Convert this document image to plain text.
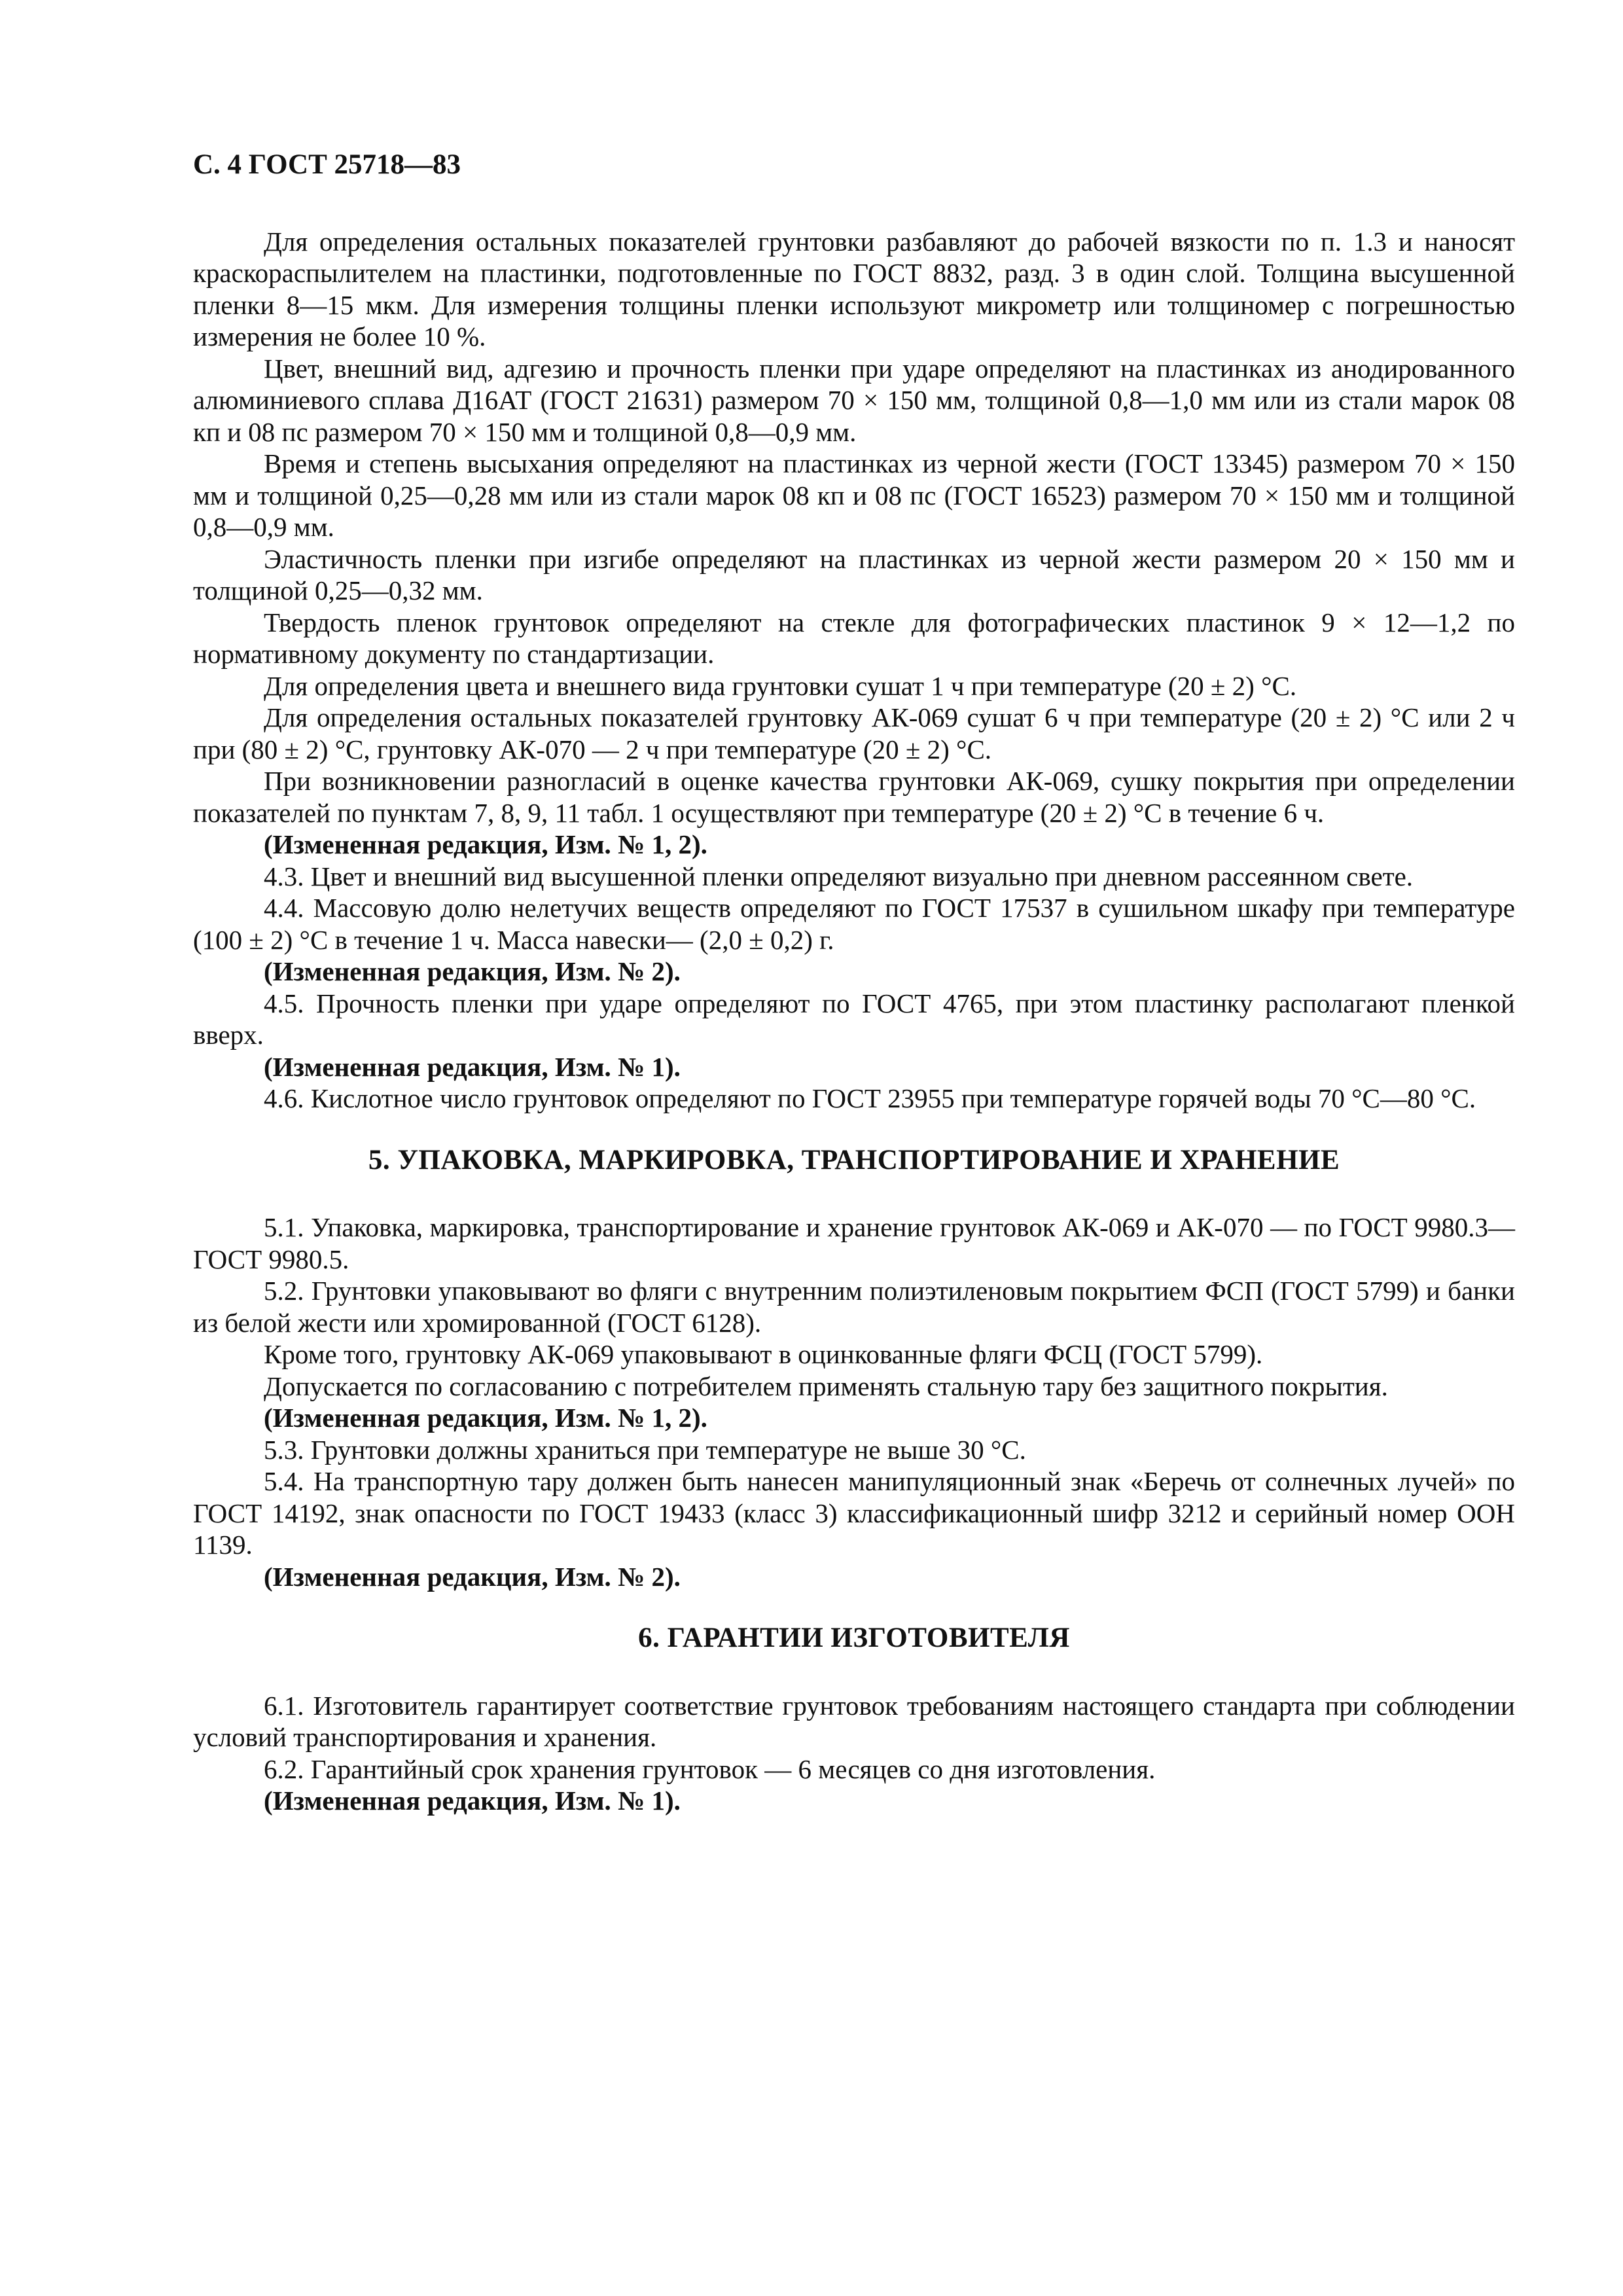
С. 4 ГОСТ 25718—83

Для определения остальных показателей грунтовки разбавляют до рабочей вязкости по п. 1.3 и наносят краскораспылителем на пластинки, подготовленные по ГОСТ 8832, разд. 3 в один слой. Толщина высушенной пленки 8—15 мкм. Для измерения толщины пленки используют микрометр или толщиномер с погрешностью измерения не более 10 %.

Цвет, внешний вид, адгезию и прочность пленки при ударе определяют на пластинках из анодированного алюминиевого сплава Д16АТ (ГОСТ 21631) размером 70 × 150 мм, толщиной 0,8—1,0 мм или из стали марок 08 кп и 08 пс размером 70 × 150 мм и толщиной 0,8—0,9 мм.

Время и степень высыхания определяют на пластинках из черной жести (ГОСТ 13345) размером 70 × 150 мм и толщиной 0,25—0,28 мм или из стали марок 08 кп и 08 пс (ГОСТ 16523) размером 70 × 150 мм и толщиной 0,8—0,9 мм.

Эластичность пленки при изгибе определяют на пластинках из черной жести размером 20 × 150 мм и толщиной 0,25—0,32 мм.

Твердость пленок грунтовок определяют на стекле для фотографических пластинок 9 × 12—1,2 по нормативному документу по стандартизации.

Для определения цвета и внешнего вида грунтовки сушат 1 ч при температуре (20 ± 2) °С.

Для определения остальных показателей грунтовку АК-069 сушат 6 ч при температуре (20 ± 2) °С или 2 ч при (80 ± 2) °С, грунтовку АК-070 — 2 ч при температуре (20 ± 2) °С.

При возникновении разногласий в оценке качества грунтовки АК-069, сушку покрытия при определении показателей по пунктам 7, 8, 9, 11 табл. 1 осуществляют при температуре (20 ± 2) °С в течение 6 ч.

(Измененная редакция, Изм. № 1, 2).

4.3. Цвет и внешний вид высушенной пленки определяют визуально при дневном рассеянном свете.

4.4. Массовую долю нелетучих веществ определяют по ГОСТ 17537 в сушильном шкафу при температуре (100 ± 2) °С в течение 1 ч. Масса навески— (2,0 ± 0,2) г.

(Измененная редакция, Изм. № 2).

4.5. Прочность пленки при ударе определяют по ГОСТ 4765, при этом пластинку располагают пленкой вверх.

(Измененная редакция, Изм. № 1).

4.6. Кислотное число грунтовок определяют по ГОСТ 23955 при температуре горячей воды 70 °С—80 °С.

5. УПАКОВКА, МАРКИРОВКА, ТРАНСПОРТИРОВАНИЕ И ХРАНЕНИЕ

5.1. Упаковка, маркировка, транспортирование и хранение грунтовок АК-069 и АК-070 — по ГОСТ 9980.3—ГОСТ 9980.5.

5.2. Грунтовки упаковывают во фляги с внутренним полиэтиленовым покрытием ФСП (ГОСТ 5799) и банки из белой жести или хромированной (ГОСТ 6128).

Кроме того, грунтовку АК-069 упаковывают в оцинкованные фляги ФСЦ (ГОСТ 5799).

Допускается по согласованию с потребителем применять стальную тару без защитного покрытия.

(Измененная редакция, Изм. № 1, 2).

5.3. Грунтовки должны храниться при температуре не выше 30 °С.

5.4. На транспортную тару должен быть нанесен манипуляционный знак «Беречь от солнечных лучей» по ГОСТ 14192, знак опасности по ГОСТ 19433 (класс 3) классификационный шифр 3212 и серийный номер ООН 1139.

(Измененная редакция, Изм. № 2).

6. ГАРАНТИИ ИЗГОТОВИТЕЛЯ

6.1. Изготовитель гарантирует соответствие грунтовок требованиям настоящего стандарта при соблюдении условий транспортирования и хранения.

6.2. Гарантийный срок хранения грунтовок — 6 месяцев со дня изготовления.

(Измененная редакция, Изм. № 1).
